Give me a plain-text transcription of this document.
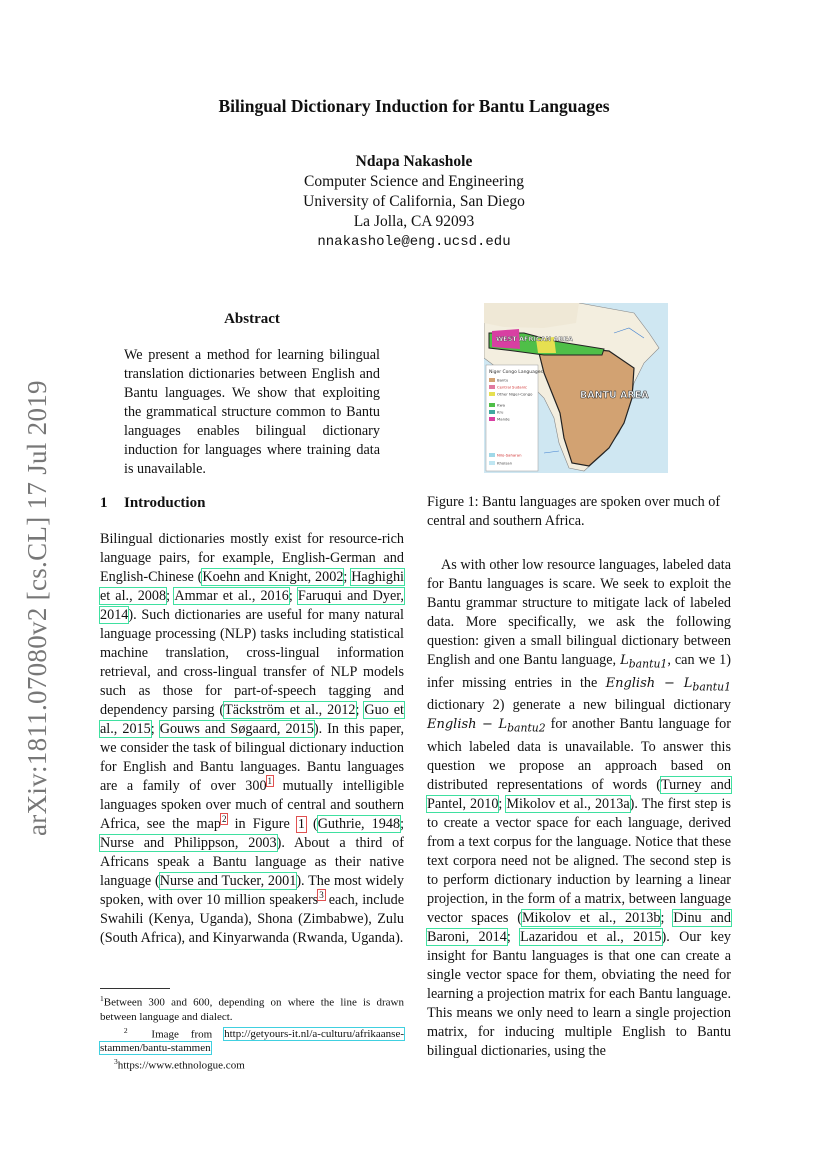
Bilingual Dictionary Induction for Bantu Languages
Ndapa Nakashole
Computer Science and Engineering
University of California, San Diego
La Jolla, CA 92093
nnakashole@eng.ucsd.edu
arXiv:1811.07080v2 [cs.CL] 17 Jul 2019
Abstract
We present a method for learning bilingual translation dictionaries between English and Bantu languages. We show that exploiting the grammatical structure common to Bantu languages enables bilingual dictionary induction for languages where training data is unavailable.
1 Introduction
Bilingual dictionaries mostly exist for resource-rich language pairs, for example, English-German and English-Chinese (Koehn and Knight, 2002; Haghighi et al., 2008; Ammar et al., 2016; Faruqui and Dyer, 2014). Such dictionaries are useful for many natural language processing (NLP) tasks including statistical machine translation, cross-lingual information retrieval, and cross-lingual transfer of NLP models such as those for part-of-speech tagging and dependency parsing (Täckström et al., 2012; Guo et al., 2015; Gouws and Søgaard, 2015). In this paper, we consider the task of bilingual dictionary induction for English and Bantu languages. Bantu languages are a family of over 300$^1$ mutually intelligible languages spoken over much of central and southern Africa, see the map$^2$ in Figure 1 (Guthrie, 1948; Nurse and Philippson, 2003). About a third of Africans speak a Bantu language as their native language (Nurse and Tucker, 2001). The most widely spoken, with over 10 million speakers$^3$ each, include Swahili (Kenya, Uganda), Shona (Zimbabwe), Zulu (South Africa), and Kinyarwanda (Rwanda, Uganda).

$^1$Between 300 and 600, depending on where the line is drawn between language and dialect.

$^2$ Image from http://getyours-it.nl/a-culturu/afrikaanse-stammen/bantu-stammen

$^3$https://www.ethnologue.com

Niger Congo Languages
Bantu
Central Sudanic
Other Niger-Congo
Kwa
Kru
Mande
Nilo-Saharan
Khoisan
WEST AFRICAN AREA
BANTU AREA
Figure 1: Bantu languages are spoken over much of central and southern Africa.

As with other low resource languages, labeled data for Bantu languages is scare. We seek to exploit the Bantu grammar structure to mitigate lack of labeled data. More specifically, we ask the following question: given a small bilingual dictionary between English and one Bantu language, $L_{bantu1}$, can we 1) infer missing entries in the English − $L_{bantu1}$ dictionary 2) generate a new bilingual dictionary English − $L_{bantu2}$ for another Bantu language for which labeled data is unavailable. To answer this question we propose an approach based on distributed representations of words (Turney and Pantel, 2010; Mikolov et al., 2013a). The first step is to create a vector space for each language, derived from a text corpus for the language. Notice that these text corpora need not be aligned. The second step is to perform dictionary induction by learning a linear projection, in the form of a matrix, between language vector spaces (Mikolov et al., 2013b; Dinu and Baroni, 2014; Lazaridou et al., 2015). Our key insight for Bantu languages is that one can create a single vector space for them, obviating the need for learning a projection matrix for each Bantu language. This means we only need to learn a single projection matrix, for inducing multiple English to Bantu bilingual dictionaries, using the
